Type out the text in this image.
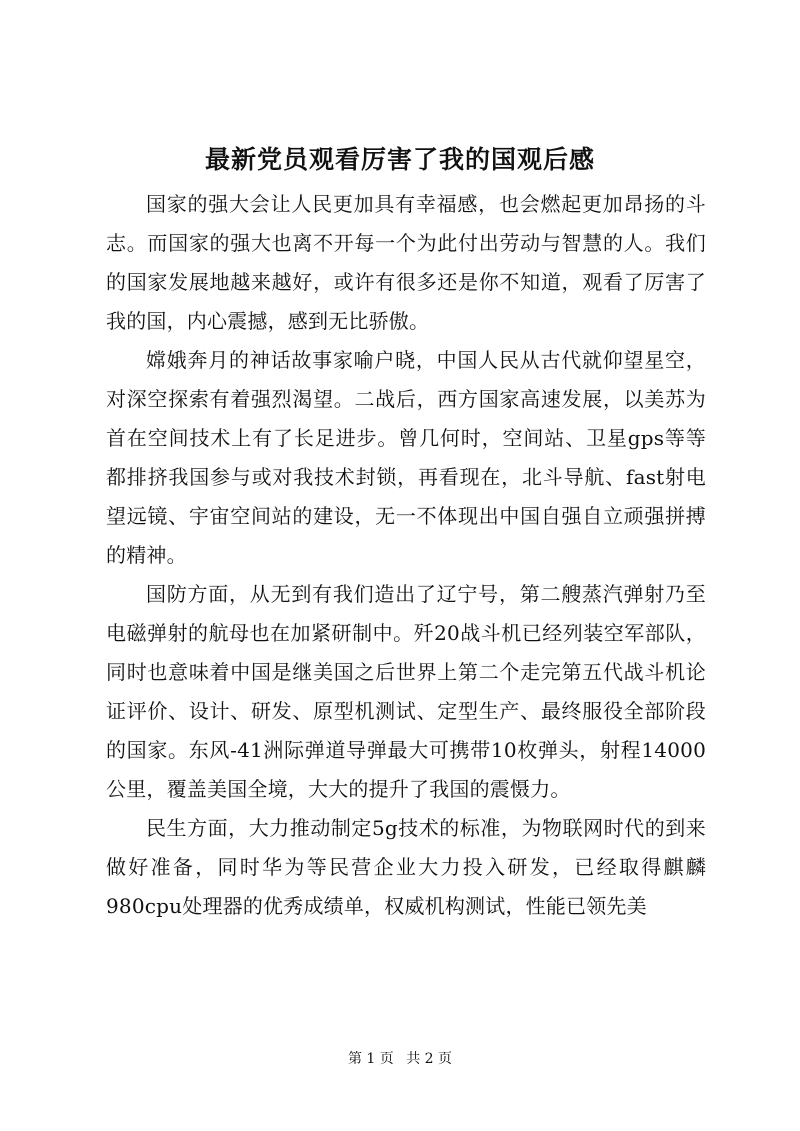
最新党员观看厉害了我的国观后感

国家的强大会让人民更加具有幸福感，也会燃起更加昂扬的斗志。而国家的强大也离不开每一个为此付出劳动与智慧的人。我们的国家发展地越来越好，或许有很多还是你不知道，观看了厉害了我的国，内心震撼，感到无比骄傲。

嫦娥奔月的神话故事家喻户晓，中国人民从古代就仰望星空，对深空探索有着强烈渴望。二战后，西方国家高速发展，以美苏为首在空间技术上有了长足进步。曾几何时，空间站、卫星gps等等都排挤我国参与或对我技术封锁，再看现在，北斗导航、fast射电望远镜、宇宙空间站的建设，无一不体现出中国自强自立顽强拼搏的精神。

国防方面，从无到有我们造出了辽宁号，第二艘蒸汽弹射乃至电磁弹射的航母也在加紧研制中。歼20战斗机已经列装空军部队，同时也意味着中国是继美国之后世界上第二个走完第五代战斗机论证评价、设计、研发、原型机测试、定型生产、最终服役全部阶段的国家。东风-41洲际弹道导弹最大可携带10枚弹头，射程14000公里，覆盖美国全境，大大的提升了我国的震慑力。

民生方面，大力推动制定5g技术的标准，为物联网时代的到来做好准备，同时华为等民营企业大力投入研发，已经取得麒麟980cpu处理器的优秀成绩单，权威机构测试，性能已领先美

第 1 页 共 2 页
